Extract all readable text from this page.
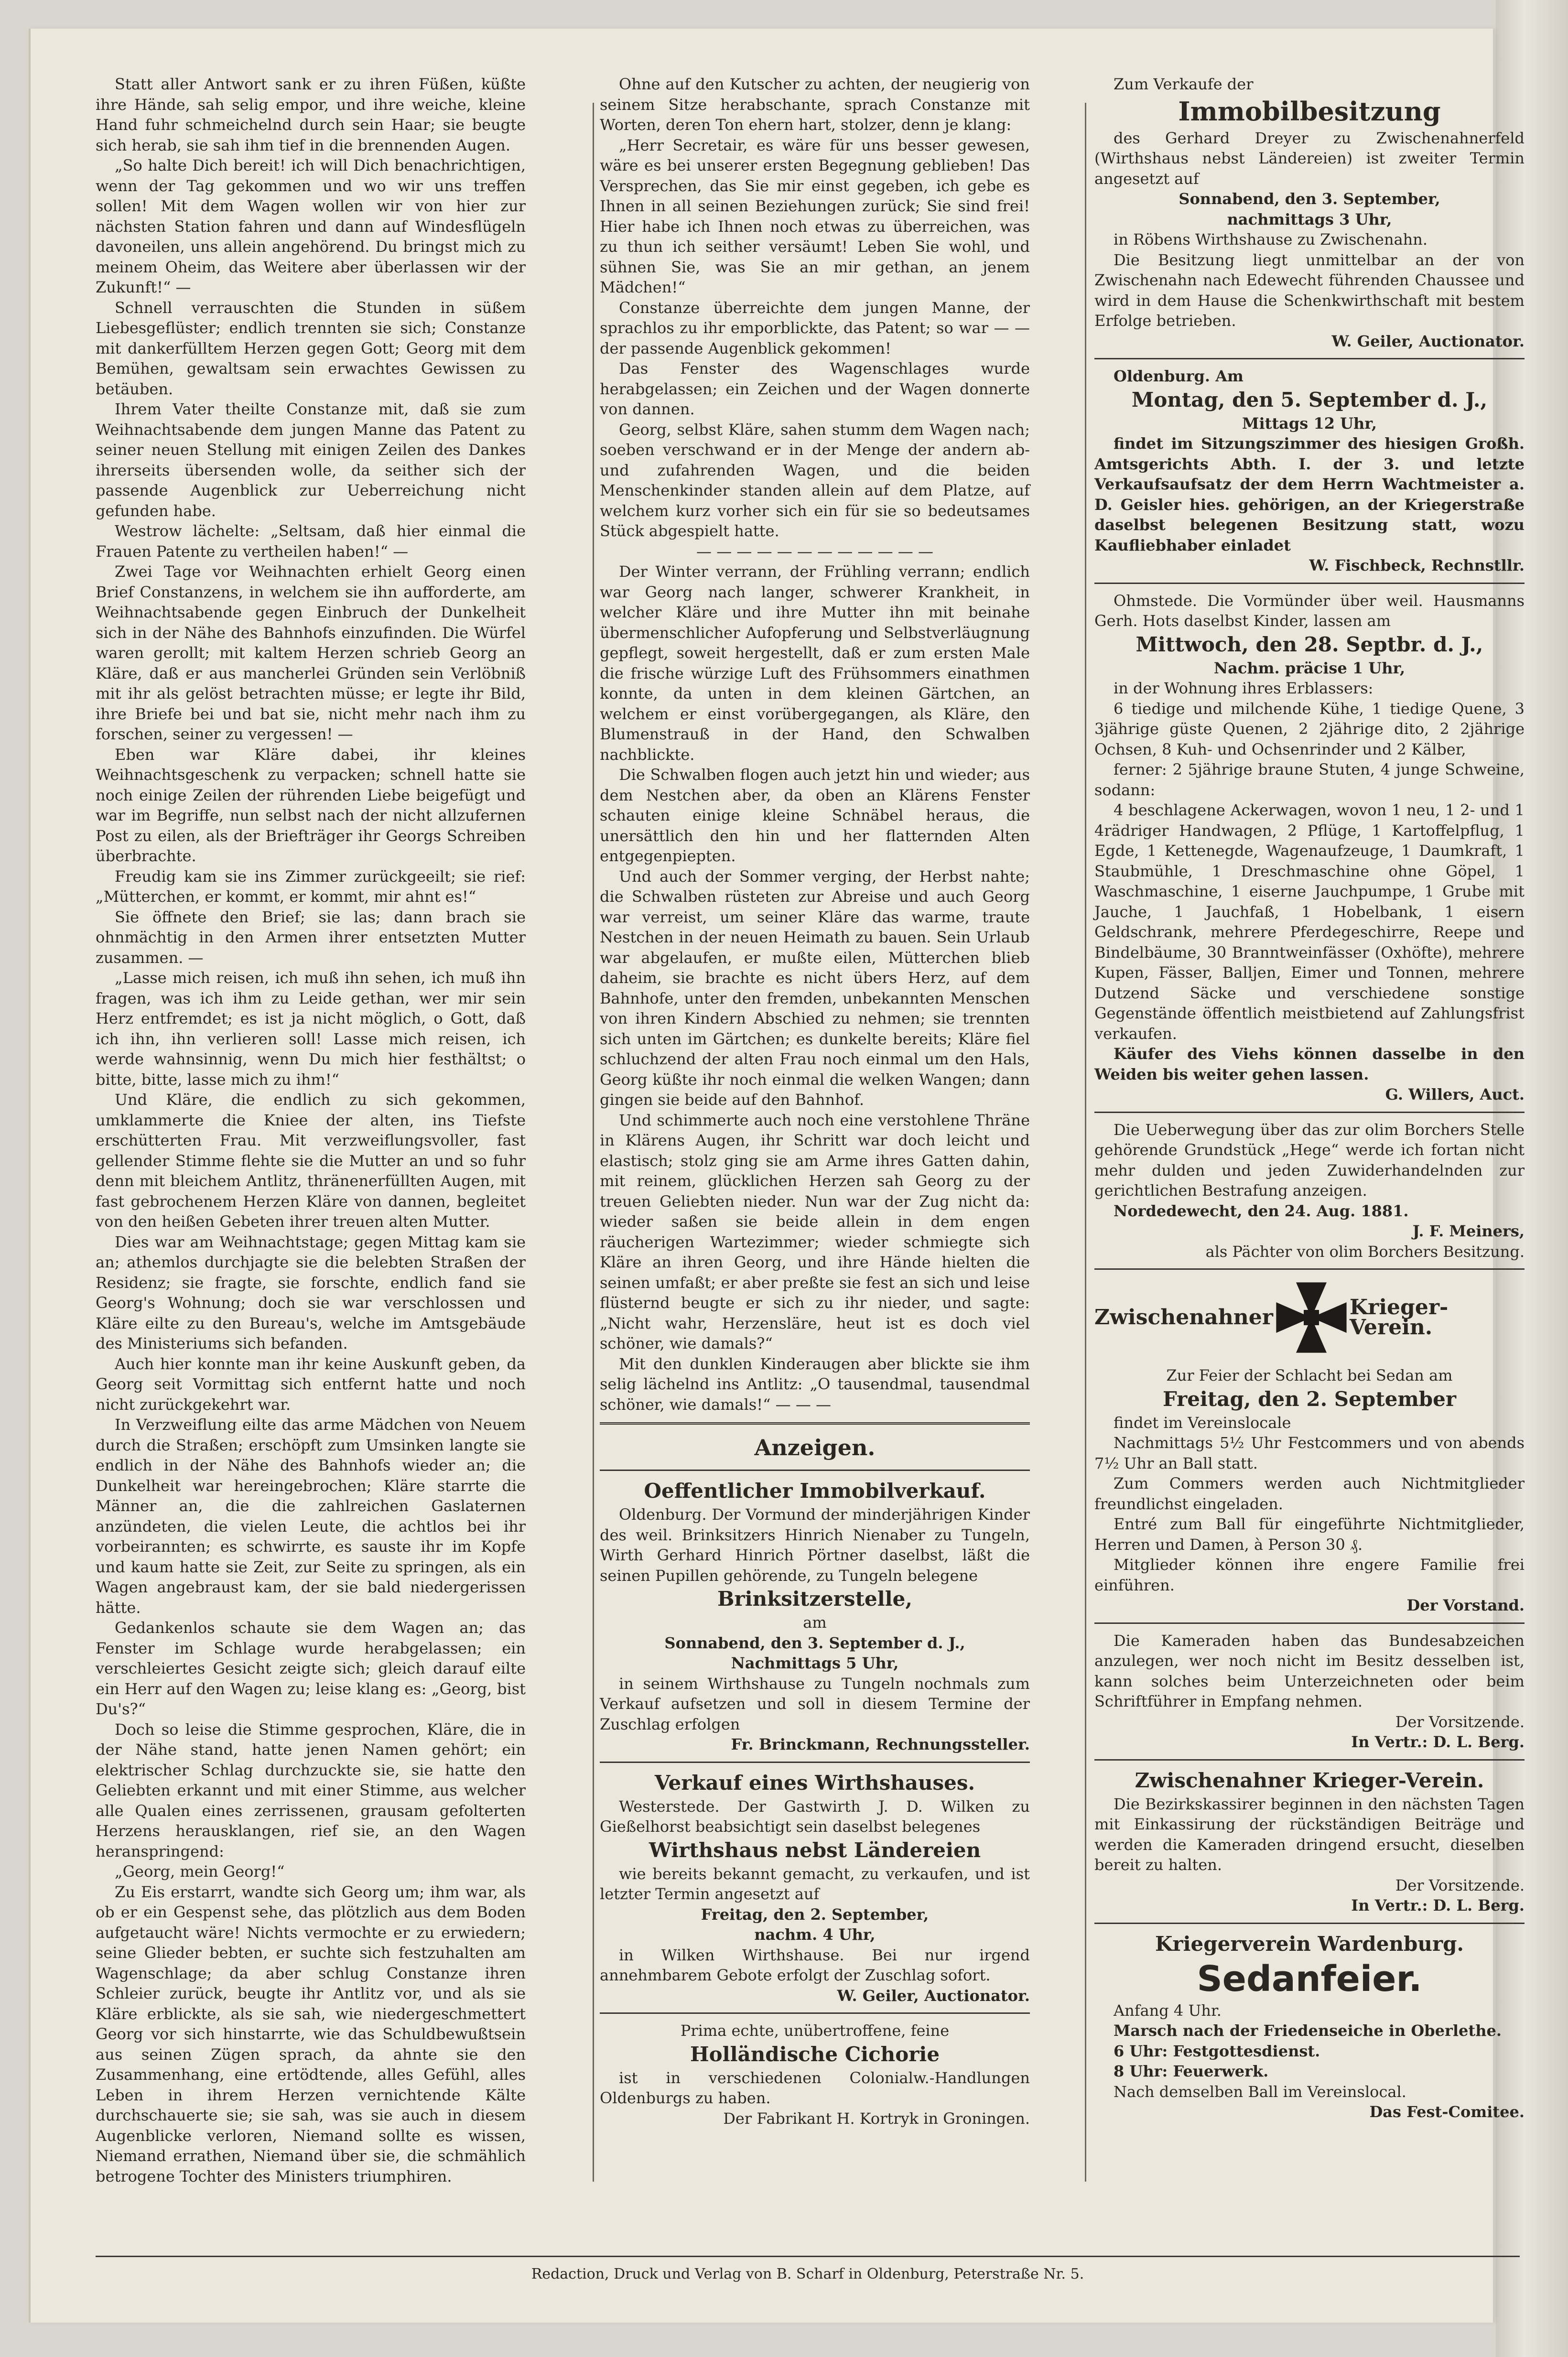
Statt aller Antwort sank er zu ihren Füßen, küßte ihre Hände, sah selig empor, und ihre weiche, kleine Hand fuhr schmeichelnd durch sein Haar; sie beugte sich herab, sie sah ihm tief in die brennenden Augen.

„So halte Dich bereit! ich will Dich benachrichtigen, wenn der Tag gekommen und wo wir uns treffen sollen! Mit dem Wagen wollen wir von hier zur nächsten Station fahren und dann auf Windesflügeln davoneilen, uns allein angehörend. Du bringst mich zu meinem Oheim, das Weitere aber überlassen wir der Zukunft!“ —

Schnell verrauschten die Stunden in süßem Liebesgeflüster; endlich trennten sie sich; Constanze mit dankerfülltem Herzen gegen Gott; Georg mit dem Bemühen, gewaltsam sein erwachtes Gewissen zu betäuben.

Ihrem Vater theilte Constanze mit, daß sie zum Weihnachtsabende dem jungen Manne das Patent zu seiner neuen Stellung mit einigen Zeilen des Dankes ihrerseits übersenden wolle, da seither sich der passende Augenblick zur Ueberreichung nicht gefunden habe.

Westrow lächelte: „Seltsam, daß hier einmal die Frauen Patente zu vertheilen haben!“ —

Zwei Tage vor Weihnachten erhielt Georg einen Brief Constanzens, in welchem sie ihn aufforderte, am Weihnachtsabende gegen Einbruch der Dunkelheit sich in der Nähe des Bahnhofs einzufinden. Die Würfel waren gerollt; mit kaltem Herzen schrieb Georg an Kläre, daß er aus mancherlei Gründen sein Verlöbniß mit ihr als gelöst betrachten müsse; er legte ihr Bild, ihre Briefe bei und bat sie, nicht mehr nach ihm zu forschen, seiner zu vergessen! —

Eben war Kläre dabei, ihr kleines Weihnachtsgeschenk zu verpacken; schnell hatte sie noch einige Zeilen der rührenden Liebe beigefügt und war im Begriffe, nun selbst nach der nicht allzufernen Post zu eilen, als der Briefträger ihr Georgs Schreiben überbrachte.

Freudig kam sie ins Zimmer zurückgeeilt; sie rief: „Mütterchen, er kommt, er kommt, mir ahnt es!“

Sie öffnete den Brief; sie las; dann brach sie ohnmächtig in den Armen ihrer entsetzten Mutter zusammen. —

„Lasse mich reisen, ich muß ihn sehen, ich muß ihn fragen, was ich ihm zu Leide gethan, wer mir sein Herz entfremdet; es ist ja nicht möglich, o Gott, daß ich ihn, ihn verlieren soll! Lasse mich reisen, ich werde wahnsinnig, wenn Du mich hier festhältst; o bitte, bitte, lasse mich zu ihm!“

Und Kläre, die endlich zu sich gekommen, umklammerte die Kniee der alten, ins Tiefste erschütterten Frau. Mit verzweiflungsvoller, fast gellender Stimme flehte sie die Mutter an und so fuhr denn mit bleichem Antlitz, thränenerfüllten Augen, mit fast gebrochenem Herzen Kläre von dannen, begleitet von den heißen Gebeten ihrer treuen alten Mutter.

Dies war am Weihnachtstage; gegen Mittag kam sie an; athemlos durchjagte sie die belebten Straßen der Residenz; sie fragte, sie forschte, endlich fand sie Georg's Wohnung; doch sie war verschlossen und Kläre eilte zu den Bureau's, welche im Amtsgebäude des Ministeriums sich befanden.

Auch hier konnte man ihr keine Auskunft geben, da Georg seit Vormittag sich entfernt hatte und noch nicht zurückgekehrt war.

In Verzweiflung eilte das arme Mädchen von Neuem durch die Straßen; erschöpft zum Umsinken langte sie endlich in der Nähe des Bahnhofs wieder an; die Dunkelheit war hereingebrochen; Kläre starrte die Männer an, die die zahlreichen Gaslaternen anzündeten, die vielen Leute, die achtlos bei ihr vorbeirannten; es schwirrte, es sauste ihr im Kopfe und kaum hatte sie Zeit, zur Seite zu springen, als ein Wagen angebraust kam, der sie bald niedergerissen hätte.

Gedankenlos schaute sie dem Wagen an; das Fenster im Schlage wurde herabgelassen; ein verschleiertes Gesicht zeigte sich; gleich darauf eilte ein Herr auf den Wagen zu; leise klang es: „Georg, bist Du's?“

Doch so leise die Stimme gesprochen, Kläre, die in der Nähe stand, hatte jenen Namen gehört; ein elektrischer Schlag durchzuckte sie, sie hatte den Geliebten erkannt und mit einer Stimme, aus welcher alle Qualen eines zerrissenen, grausam gefolterten Herzens herausklangen, rief sie, an den Wagen heranspringend:

„Georg, mein Georg!“

Zu Eis erstarrt, wandte sich Georg um; ihm war, als ob er ein Gespenst sehe, das plötzlich aus dem Boden aufgetaucht wäre! Nichts vermochte er zu erwiedern; seine Glieder bebten, er suchte sich festzuhalten am Wagenschlage; da aber schlug Constanze ihren Schleier zurück, beugte ihr Antlitz vor, und als sie Kläre erblickte, als sie sah, wie niedergeschmettert Georg vor sich hinstarrte, wie das Schuldbewußtsein aus seinen Zügen sprach, da ahnte sie den Zusammenhang, eine ertödtende, alles Gefühl, alles Leben in ihrem Herzen vernichtende Kälte durchschauerte sie; sie sah, was sie auch in diesem Augenblicke verloren, Niemand sollte es wissen, Niemand errathen, Niemand über sie, die schmählich betrogene Tochter des Ministers triumphiren.

Ohne auf den Kutscher zu achten, der neugierig von seinem Sitze herabschante, sprach Constanze mit Worten, deren Ton ehern hart, stolzer, denn je klang:

„Herr Secretair, es wäre für uns besser gewesen, wäre es bei unserer ersten Begegnung geblieben! Das Versprechen, das Sie mir einst gegeben, ich gebe es Ihnen in all seinen Beziehungen zurück; Sie sind frei! Hier habe ich Ihnen noch etwas zu überreichen, was zu thun ich seither versäumt! Leben Sie wohl, und sühnen Sie, was Sie an mir gethan, an jenem Mädchen!“

Constanze überreichte dem jungen Manne, der sprachlos zu ihr emporblickte, das Patent; so war — — der passende Augenblick gekommen!

Das Fenster des Wagenschlages wurde herabgelassen; ein Zeichen und der Wagen donnerte von dannen.

Georg, selbst Kläre, sahen stumm dem Wagen nach; soeben verschwand er in der Menge der andern ab- und zufahrenden Wagen, und die beiden Menschenkinder standen allein auf dem Platze, auf welchem kurz vorher sich ein für sie so bedeutsames Stück abgespielt hatte.

— — — — — — — — — — — —

Der Winter verrann, der Frühling verrann; endlich war Georg nach langer, schwerer Krankheit, in welcher Kläre und ihre Mutter ihn mit beinahe übermenschlicher Aufopferung und Selbstverläugnung gepflegt, soweit hergestellt, daß er zum ersten Male die frische würzige Luft des Frühsommers einathmen konnte, da unten in dem kleinen Gärtchen, an welchem er einst vorübergegangen, als Kläre, den Blumenstrauß in der Hand, den Schwalben nachblickte.

Die Schwalben flogen auch jetzt hin und wieder; aus dem Nestchen aber, da oben an Klärens Fenster schauten einige kleine Schnäbel heraus, die unersättlich den hin und her flatternden Alten entgegenpiepten.

Und auch der Sommer verging, der Herbst nahte; die Schwalben rüsteten zur Abreise und auch Georg war verreist, um seiner Kläre das warme, traute Nestchen in der neuen Heimath zu bauen. Sein Urlaub war abgelaufen, er mußte eilen, Mütterchen blieb daheim, sie brachte es nicht übers Herz, auf dem Bahnhofe, unter den fremden, unbekannten Menschen von ihren Kindern Abschied zu nehmen; sie trennten sich unten im Gärtchen; es dunkelte bereits; Kläre fiel schluchzend der alten Frau noch einmal um den Hals, Georg küßte ihr noch einmal die welken Wangen; dann gingen sie beide auf den Bahnhof.

Und schimmerte auch noch eine verstohlene Thräne in Klärens Augen, ihr Schritt war doch leicht und elastisch; stolz ging sie am Arme ihres Gatten dahin, mit reinem, glücklichen Herzen sah Georg zu der treuen Geliebten nieder. Nun war der Zug nicht da: wieder saßen sie beide allein in dem engen räucherigen Wartezimmer; wieder schmiegte sich Kläre an ihren Georg, und ihre Hände hielten die seinen umfaßt; er aber preßte sie fest an sich und leise flüsternd beugte er sich zu ihr nieder, und sagte: „Nicht wahr, Herzensläre, heut ist es doch viel schöner, wie damals?“

Mit den dunklen Kinderaugen aber blickte sie ihm selig lächelnd ins Antlitz: „O tausendmal, tausendmal schöner, wie damals!“ — — —

Anzeigen.

Oeffentlicher Immobilverkauf.

Oldenburg. Der Vormund der minderjährigen Kinder des weil. Brinksitzers Hinrich Nienaber zu Tungeln, Wirth Gerhard Hinrich Pörtner daselbst, läßt die seinen Pupillen gehörende, zu Tungeln belegene

Brinksitzerstelle,

am

Sonnabend, den 3. September d. J.,

Nachmittags 5 Uhr,

in seinem Wirthshause zu Tungeln nochmals zum Verkauf aufsetzen und soll in diesem Termine der Zuschlag erfolgen

Fr. Brinckmann, Rechnungssteller.

Verkauf eines Wirthshauses.

Westerstede. Der Gastwirth J. D. Wilken zu Gießelhorst beabsichtigt sein daselbst belegenes

Wirthshaus nebst Ländereien

wie bereits bekannt gemacht, zu verkaufen, und ist letzter Termin angesetzt auf

Freitag, den 2. September,

nachm. 4 Uhr,

in Wilken Wirthshause. Bei nur irgend annehmbarem Gebote erfolgt der Zuschlag sofort.

W. Geiler, Auctionator.

Prima echte, unübertroffene, feine

Holländische Cichorie

ist in verschiedenen Colonialw.-Handlungen Oldenburgs zu haben.

Der Fabrikant H. Kortryk in Groningen.

Zum Verkaufe der

Immobilbesitzung

des Gerhard Dreyer zu Zwischenahnerfeld (Wirthshaus nebst Ländereien) ist zweiter Termin angesetzt auf

Sonnabend, den 3. September,

nachmittags 3 Uhr,

in Röbens Wirthshause zu Zwischenahn.

Die Besitzung liegt unmittelbar an der von Zwischenahn nach Edewecht führenden Chaussee und wird in dem Hause die Schenkwirthschaft mit bestem Erfolge betrieben.

W. Geiler, Auctionator.

Oldenburg. Am

Montag, den 5. September d. J.,

Mittags 12 Uhr,

findet im Sitzungszimmer des hiesigen Großh. Amtsgerichts Abth. I. der 3. und letzte Verkaufsaufsatz der dem Herrn Wachtmeister a. D. Geisler hies. gehörigen, an der Kriegerstraße daselbst belegenen Besitzung statt, wozu Kaufliebhaber einladet

W. Fischbeck, Rechnstllr.

Ohmstede. Die Vormünder über weil. Hausmanns Gerh. Hots daselbst Kinder, lassen am

Mittwoch, den 28. Septbr. d. J.,

Nachm. präcise 1 Uhr,

in der Wohnung ihres Erblassers:

6 tiedige und milchende Kühe, 1 tiedige Quene, 3 3jährige güste Quenen, 2 2jährige dito, 2 2jährige Ochsen, 8 Kuh- und Ochsenrinder und 2 Kälber,

ferner: 2 5jährige braune Stuten, 4 junge Schweine, sodann:

4 beschlagene Ackerwagen, wovon 1 neu, 1 2- und 1 4rädriger Handwagen, 2 Pflüge, 1 Kartoffelpflug, 1 Egde, 1 Kettenegde, Wagenaufzeuge, 1 Daumkraft, 1 Staubmühle, 1 Dreschmaschine ohne Göpel, 1 Waschmaschine, 1 eiserne Jauchpumpe, 1 Grube mit Jauche, 1 Jauchfaß, 1 Hobelbank, 1 eisern Geldschrank, mehrere Pferdegeschirre, Reepe und Bindelbäume, 30 Branntweinfässer (Oxhöfte), mehrere Kupen, Fässer, Balljen, Eimer und Tonnen, mehrere Dutzend Säcke und verschiedene sonstige Gegenstände öffentlich meistbietend auf Zahlungsfrist verkaufen.

Käufer des Viehs können dasselbe in den Weiden bis weiter gehen lassen.

G. Willers, Auct.

Die Ueberwegung über das zur olim Borchers Stelle gehörende Grundstück „Hege“ werde ich fortan nicht mehr dulden und jeden Zuwiderhandelnden zur gerichtlichen Bestrafung anzeigen.

Nordedewecht, den 24. Aug. 1881.

J. F. Meiners,

als Pächter von olim Borchers Besitzung.

Zwischenahner	Krieger-Verein.

Zur Feier der Schlacht bei Sedan am

Freitag, den 2. September

findet im Vereinslocale

Nachmittags 5½ Uhr Festcommers und von abends 7½ Uhr an Ball statt.

Zum Commers werden auch Nichtmitglieder freundlichst eingeladen.

Entré zum Ball für eingeführte Nichtmitglieder, Herren und Damen, à Person 30 ₰.

Mitglieder können ihre engere Familie frei einführen.

Der Vorstand.

Die Kameraden haben das Bundesabzeichen anzulegen, wer noch nicht im Besitz desselben ist, kann solches beim Unterzeichneten oder beim Schriftführer in Empfang nehmen.

Der Vorsitzende.

In Vertr.: D. L. Berg.

Zwischenahner Krieger-Verein.

Die Bezirkskassirer beginnen in den nächsten Tagen mit Einkassirung der rückständigen Beiträge und werden die Kameraden dringend ersucht, dieselben bereit zu halten.

Der Vorsitzende.

In Vertr.: D. L. Berg.

Kriegerverein Wardenburg.

Sedanfeier.

Anfang 4 Uhr.

Marsch nach der Friedenseiche in Oberlethe.

6 Uhr: Festgottesdienst.

8 Uhr: Feuerwerk.

Nach demselben Ball im Vereinslocal.

Das Fest-Comitee.

Redaction, Druck und Verlag von B. Scharf in Oldenburg, Peterstraße Nr. 5.
